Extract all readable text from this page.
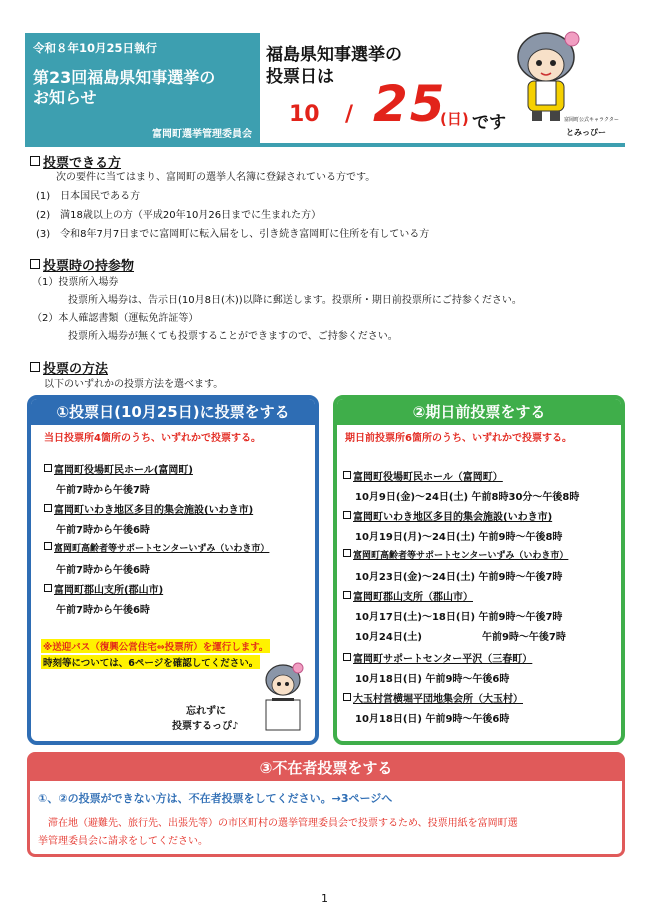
令和８年10月25日執行
第23回福島県知事選挙の
お知らせ
富岡町選挙管理委員会
福島県知事選挙の
投票日は
10 / 25
(日) です	富岡町公式キャラクター
とみっぴー
投票できる方
次の要件に当てはまり、富岡町の選挙人名簿に登録されている方です。
(1)　日本国民である方
(2)　満18歳以上の方（平成20年10月26日までに生まれた方）
(3)　令和8年7月7日までに富岡町に転入届をし、引き続き富岡町に住所を有している方
投票時の持参物
（1）投票所入場券
投票所入場券は、告示日(10月8日(木))以降に郵送します。投票所・期日前投票所にご持参ください。
（2）本人確認書類（運転免許証等）
投票所入場券が無くても投票することができますので、ご持参ください。
投票の方法
以下のいずれかの投票方法を選べます。
①投票日(10月25日)に投票をする
当日投票所4箇所のうち、いずれかで投票する。
富岡町役場町民ホール(富岡町)
午前7時から午後7時
富岡町いわき地区多目的集会施設(いわき市)
午前7時から午後6時
富岡町高齢者等サポートセンターいずみ（いわき市）
午前7時から午後6時
富岡町郡山支所(郡山市)
午前7時から午後6時
※送迎バス（復興公営住宅⇔投票所）を運行します。
時刻等については、6ページを確認してください。
忘れずに
投票するっぴ♪
②期日前投票をする
期日前投票所6箇所のうち、いずれかで投票する。
富岡町役場町民ホール（富岡町）
10月9日(金)～24日(土) 午前8時30分～午後8時
富岡町いわき地区多目的集会施設(いわき市)
10月19日(月)～24日(土) 午前9時～午後8時
富岡町高齢者等サポートセンターいずみ（いわき市）
10月23日(金)～24日(土) 午前9時～午後7時
富岡町郡山支所（郡山市）
10月17日(土)～18日(日) 午前9時～午後7時
10月24日(土)　　　　　　午前9時～午後7時
富岡町サポートセンター平沢（三春町）
10月18日(日) 午前9時～午後6時
大玉村営横堀平団地集会所（大玉村）
10月18日(日) 午前9時～午後6時
③不在者投票をする
①、②の投票ができない方は、不在者投票をしてください。→3ページへ
滞在地（避難先、旅行先、出張先等）の市区町村の選挙管理委員会で投票するため、投票用紙を富岡町選
挙管理委員会に請求をしてください。
1
